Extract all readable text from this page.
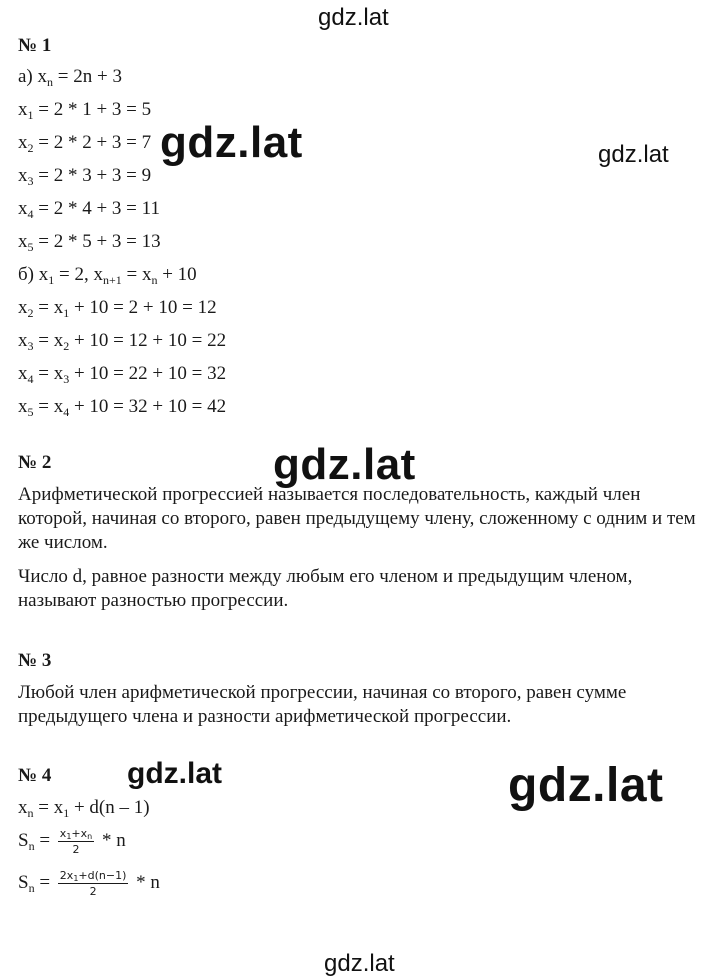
gdz.lat
gdz.lat	gdz.lat
gdz.lat
gdz.lat	gdz.lat
gdz.lat
№ 1
а) $x_n = 2n + 3$
$x_1 = 2 * 1 + 3 = 5$
$x_2 = 2 * 2 + 3 = 7$
$x_3 = 2 * 3 + 3 = 9$
$x_4 = 2 * 4 + 3 = 11$
$x_5 = 2 * 5 + 3 = 13$
б) $x_1 = 2$, $x_{n+1} = x_n + 10$
$x_2 = x_1 + 10 = 2 + 10 = 12$
$x_3 = x_2 + 10 = 12 + 10 = 22$
$x_4 = x_3 + 10 = 22 + 10 = 32$
$x_5 = x_4 + 10 = 32 + 10 = 42$
№ 2
Арифметической прогрессией называется последовательность, каждый член которой, начиная со второго, равен предыдущему члену, сложенному с одним и тем же числом.
Число d, равное разности между любым его членом и предыдущим членом, называют разностью прогрессии.
№ 3
Любой член арифметической прогрессии, начиная со второго, равен сумме предыдущего члена и разности арифметической прогрессии.
№ 4
$x_n = x_1 + d(n - 1)$
$S_n = \frac{x_1+x_n}{2} * n$
$S_n = \frac{2x_1+d(n-1)}{2} * n$
